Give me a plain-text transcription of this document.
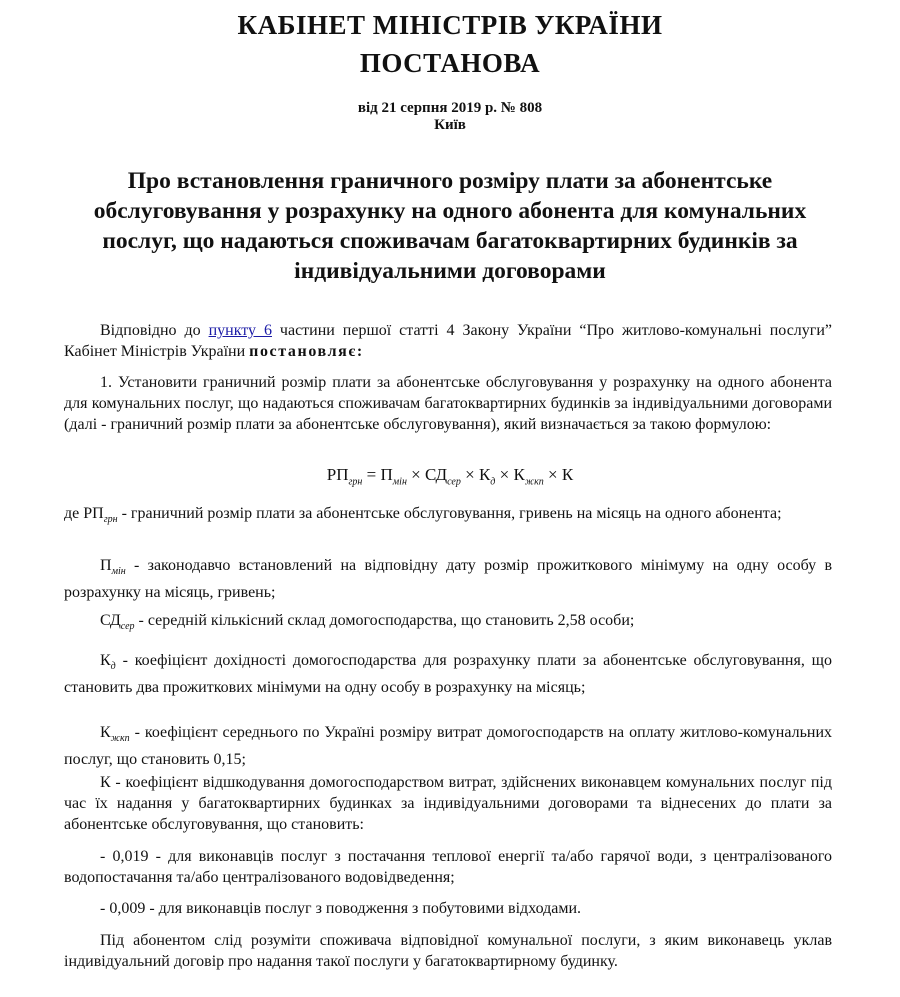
КАБІНЕТ МІНІСТРІВ УКРАЇНИ
ПОСТАНОВА
від 21 серпня 2019 р. № 808
Київ
Про встановлення граничного розміру плати за абонентське обслуговування у розрахунку на одного абонента для комунальних послуг, що надаються споживачам багатоквартирних будинків за індивідуальними договорами

Відповідно до пункту 6 частини першої статті 4 Закону України “Про житлово-комунальні послуги” Кабінет Міністрів України постановляє:

1. Установити граничний розмір плати за абонентське обслуговування у розрахунку на одного абонента для комунальних послуг, що надаються споживачам багатоквартирних будинків за індивідуальними договорами (далі - граничний розмір плати за абонентське обслуговування), який визначається за такою формулою:

$РП_{грн} = П_{мін} \times СД_{сер} \times К_д \times К_{жкп} \times К$

де $РП_{грн}$ - граничний розмір плати за абонентське обслуговування, гривень на місяць на одного абонента;

$П_{мін}$ - законодавчо встановлений на відповідну дату розмір прожиткового мінімуму на одну особу в розрахунку на місяць, гривень;

$СД_{сер}$ - середній кількісний склад домогосподарства, що становить 2,58 особи;

$К_д$ - коефіцієнт дохідності домогосподарства для розрахунку плати за абонентське обслуговування, що становить два прожиткових мінімуми на одну особу в розрахунку на місяць;

$К_{жкп}$ - коефіцієнт середнього по Україні розміру витрат домогосподарств на оплату житлово-комунальних послуг, що становить 0,15;

К - коефіцієнт відшкодування домогосподарством витрат, здійснених виконавцем комунальних послуг під час їх надання у багатоквартирних будинках за індивідуальними договорами та віднесених до плати за абонентське обслуговування, що становить:

- 0,019 - для виконавців послуг з постачання теплової енергії та/або гарячої води, з централізованого водопостачання та/або централізованого водовідведення;

- 0,009 - для виконавців послуг з поводження з побутовими відходами.

Під абонентом слід розуміти споживача відповідної комунальної послуги, з яким виконавець уклав індивідуальний договір про надання такої послуги у багатоквартирному будинку.
